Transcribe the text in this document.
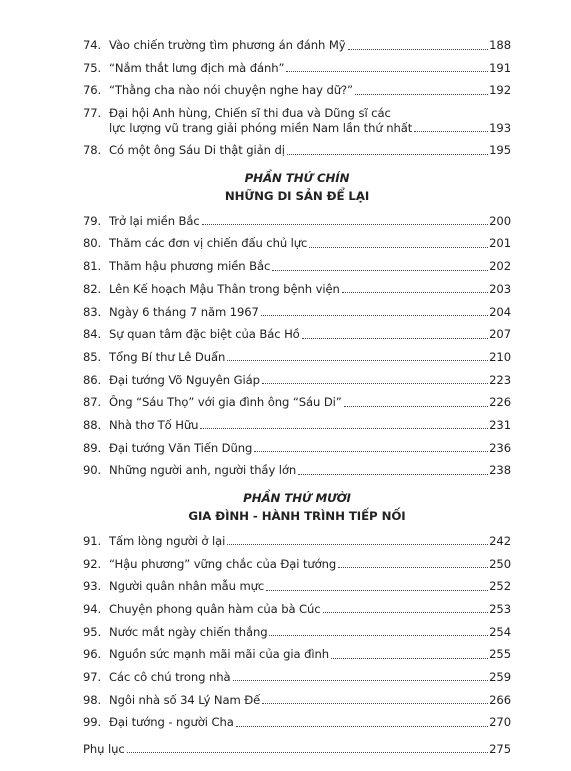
74. Vào chiến trường tìm phương án đánh Mỹ	188
75. “Nắm thắt lưng địch mà đánh”	191
76. “Thằng cha nào nói chuyện nghe hay dữ?”	192
77. Đại hội Anh hùng, Chiến sĩ thi đua và Dũng sĩ các
lực lượng vũ trang giải phóng miền Nam lần thứ nhất	193
78. Có một ông Sáu Di thật giản dị	195
PHẦN THỨ CHÍN
NHỮNG DI SẢN ĐỂ LẠI
79. Trở lại miền Bắc	200
80. Thăm các đơn vị chiến đấu chủ lực	201
81. Thăm hậu phương miền Bắc	202
82. Lên Kế hoạch Mậu Thân trong bệnh viện	203
83. Ngày 6 tháng 7 năm 1967	204
84. Sự quan tâm đặc biệt của Bác Hồ	207
85. Tổng Bí thư Lê Duẩn	210
86. Đại tướng Võ Nguyên Giáp	223
87. Ông “Sáu Thọ” với gia đình ông “Sáu Di”	226
88. Nhà thơ Tố Hữu	231
89. Đại tướng Văn Tiến Dũng	236
90. Những người anh, người thầy lớn	238
PHẦN THỨ MƯỜI
GIA ĐÌNH - HÀNH TRÌNH TIẾP NỐI
91. Tấm lòng người ở lại	242
92. “Hậu phương” vững chắc của Đại tướng	250
93. Người quân nhân mẫu mực	252
94. Chuyện phong quân hàm của bà Cúc	253
95. Nước mắt ngày chiến thắng	254
96. Nguồn sức mạnh mãi mãi của gia đình	255
97. Các cô chú trong nhà	259
98. Ngôi nhà số 34 Lý Nam Đế	266
99. Đại tướng - người Cha	270
Phụ lục	275
